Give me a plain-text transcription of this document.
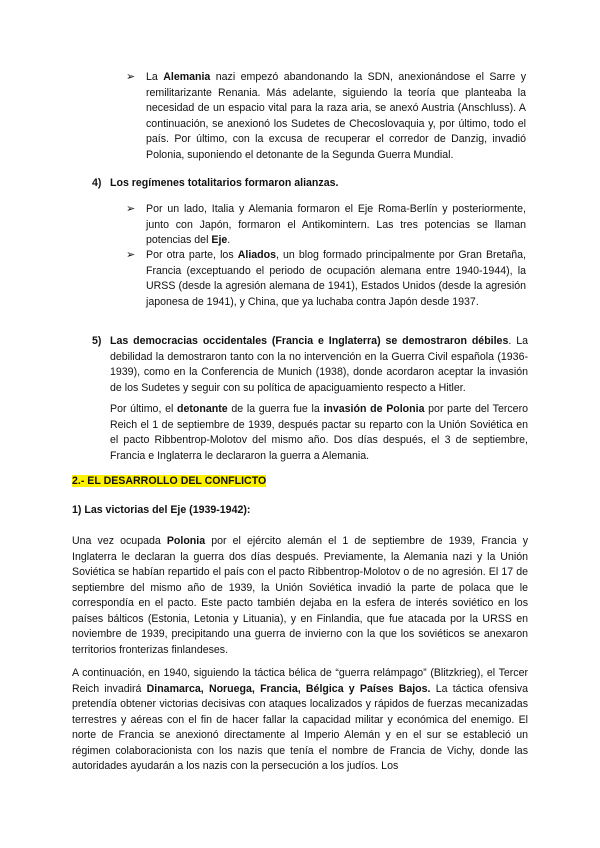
➢ La Alemania nazi empezó abandonando la SDN, anexionándose el Sarre y remilitarizante Renania. Más adelante, siguiendo la teoría que planteaba la necesidad de un espacio vital para la raza aria, se anexó Austria (Anschluss). A continuación, se anexionó los Sudetes de Checoslovaquia y, por último, todo el país. Por último, con la excusa de recuperar el corredor de Danzig, invadió Polonia, suponiendo el detonante de la Segunda Guerra Mundial.

4) Los regímenes totalitarios formaron alianzas.

➢ Por un lado, Italia y Alemania formaron el Eje Roma-Berlín y posteriormente, junto con Japón, formaron el Antikomintern. Las tres potencias se llaman potencias del Eje.

➢ Por otra parte, los Aliados, un blog formado principalmente por Gran Bretaña, Francia (exceptuando el periodo de ocupación alemana entre 1940-1944), la URSS (desde la agresión alemana de 1941), Estados Unidos (desde la agresión japonesa de 1941), y China, que ya luchaba contra Japón desde 1937.

5) Las democracias occidentales (Francia e Inglaterra) se demostraron débiles. La debilidad la demostraron tanto con la no intervención en la Guerra Civil española (1936-1939), como en la Conferencia de Munich (1938), donde acordaron aceptar la invasión de los Sudetes y seguir con su política de apaciguamiento respecto a Hitler.

Por último, el detonante de la guerra fue la invasión de Polonia por parte del Tercero Reich el 1 de septiembre de 1939, después pactar su reparto con la Unión Soviética en el pacto Ribbentrop-Molotov del mismo año. Dos días después, el 3 de septiembre, Francia e Inglaterra le declararon la guerra a Alemania.

2.- EL DESARROLLO DEL CONFLICTO

1) Las victorias del Eje (1939-1942):

Una vez ocupada Polonia por el ejército alemán el 1 de septiembre de 1939, Francia y Inglaterra le declaran la guerra dos días después. Previamente, la Alemania nazi y la Unión Soviética se habían repartido el país con el pacto Ribbentrop-Molotov o de no agresión. El 17 de septiembre del mismo año de 1939, la Unión Soviética invadió la parte de polaca que le correspondía en el pacto. Este pacto también dejaba en la esfera de interés soviético en los países bálticos (Estonia, Letonia y Lituania), y en Finlandia, que fue atacada por la URSS en noviembre de 1939, precipitando una guerra de invierno con la que los soviéticos se anexaron territorios fronterizas finlandeses.

A continuación, en 1940, siguiendo la táctica bélica de “guerra relámpago” (Blitzkrieg), el Tercer Reich invadirá Dinamarca, Noruega, Francia, Bélgica y Países Bajos. La táctica ofensiva pretendía obtener victorias decisivas con ataques localizados y rápidos de fuerzas mecanizadas terrestres y aéreas con el fin de hacer fallar la capacidad militar y económica del enemigo. El norte de Francia se anexionó directamente al Imperio Alemán y en el sur se estableció un régimen colaboracionista con los nazis que tenía el nombre de Francia de Vichy, donde las autoridades ayudarán a los nazis con la persecución a los judíos. Los
